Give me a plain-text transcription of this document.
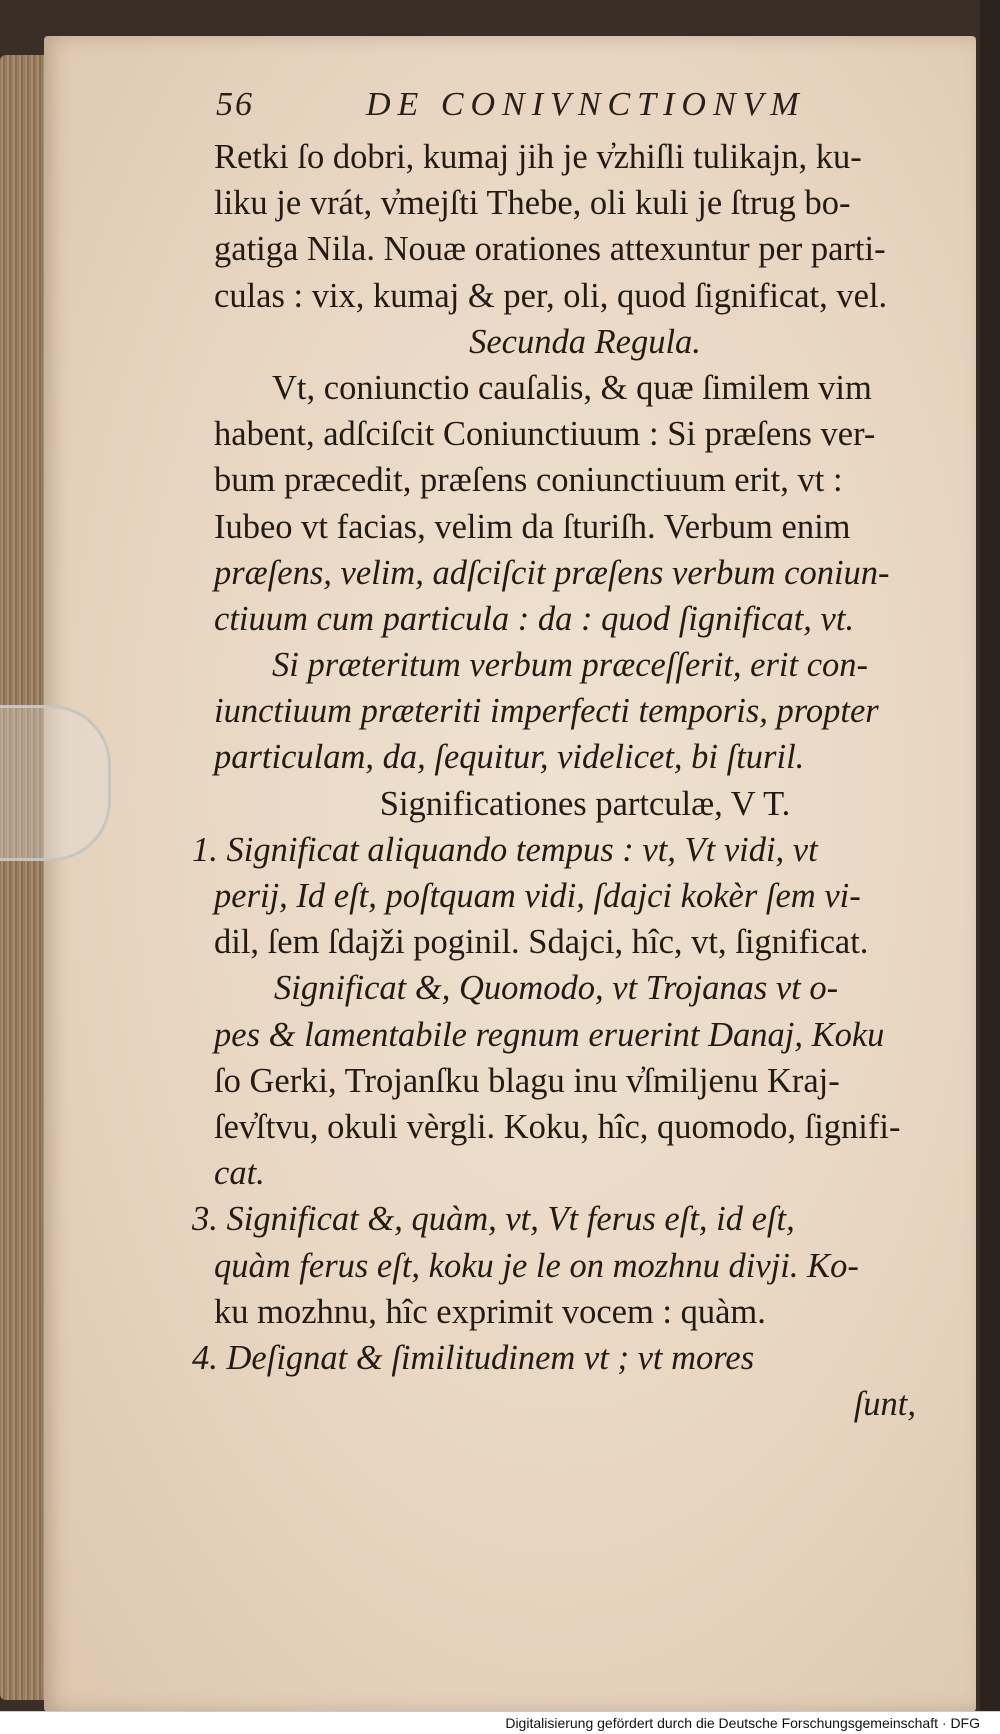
56	DE CONIVNCTIONVM
Retki ſo dobri, kumaj jih je v̓zhiſli tulikajn, ku-
liku je vrát, v̓mejſti Thebe, oli kuli je ſtrug bo-
gatiga Nila. Nouæ orationes attexuntur per parti-
culas : vix, kumaj & per, oli, quod ſignificat, vel.
Secunda Regula.
Vt, coniunctio cauſalis, & quæ ſimilem vim
habent, adſciſcit Coniunctiuum : Si præſens ver-
bum præcedit, præſens coniunctiuum erit, vt :
Iubeo vt facias, velim da ſturiſh. Verbum enim
præſens, velim, adſciſcit præſens verbum coniun-
ctiuum cum particula : da : quod ſignificat, vt.
Si præteritum verbum præceſſerit, erit con-
iunctiuum præteriti imperfecti temporis, propter
particulam, da, ſequitur, videlicet, bi ſturil.
Significationes partculæ, V T.
1. Significat aliquando tempus : vt, Vt vidi, vt
perij, Id eſt, poſtquam vidi, ſdajci kokèr ſem vi-
dil, ſem ſdajži poginil. Sdajci, hîc, vt, ſignificat.
Significat &, Quomodo, vt Trojanas vt o-
pes & lamentabile regnum eruerint Danaj, Koku
ſo Gerki, Trojanſku blagu inu v̓ſmiljenu Kraj-
ſev̓ſtvu, okuli vèrgli. Koku, hîc, quomodo, ſignifi-
cat.
3. Significat &, quàm, vt, Vt ferus eſt, id eſt,
quàm ferus eſt, koku je le on mozhnu divji. Ko-
ku mozhnu, hîc exprimit vocem : quàm.
4. Deſignat & ſimilitudinem vt ; vt mores
ſunt,
Digitalisierung gefördert durch die Deutsche Forschungsgemeinschaft · DFG
